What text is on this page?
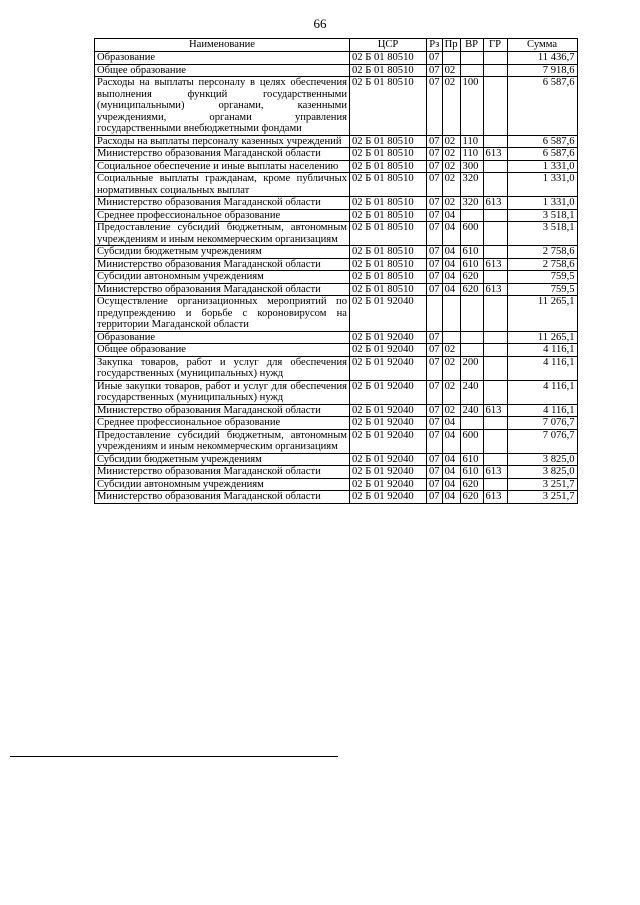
66
Наименование	ЦСР	Рз	Пр	ВР	ГР	Сумма
Образование	02 Б 01 80510	07				11 436,7
Общее образование	02 Б 01 80510	07	02			7 918,6
Расходы на выплаты персоналу в целях обеспечения выполнения функций государственными (муниципальными) органами, казенными учреждениями, органами управления государственными внебюджетными фондами	02 Б 01 80510	07	02	100		6 587,6
Расходы на выплаты персоналу казенных учреждений	02 Б 01 80510	07	02	110		6 587,6
Министерство образования Магаданской области	02 Б 01 80510	07	02	110	613	6 587,6
Социальное обеспечение и иные выплаты населению	02 Б 01 80510	07	02	300		1 331,0
Социальные выплаты гражданам, кроме публичных нормативных социальных выплат	02 Б 01 80510	07	02	320		1 331,0
Министерство образования Магаданской области	02 Б 01 80510	07	02	320	613	1 331,0
Среднее профессиональное образование	02 Б 01 80510	07	04			3 518,1
Предоставление субсидий бюджетным, автономным учреждениям и иным некоммерческим организациям	02 Б 01 80510	07	04	600		3 518,1
Субсидии бюджетным учреждениям	02 Б 01 80510	07	04	610		2 758,6
Министерство образования Магаданской области	02 Б 01 80510	07	04	610	613	2 758,6
Субсидии автономным учреждениям	02 Б 01 80510	07	04	620		759,5
Министерство образования Магаданской области	02 Б 01 80510	07	04	620	613	759,5
Осуществление организационных мероприятий по предупреждению и борьбе с короновирусом на территории Магаданской области	02 Б 01 92040					11 265,1
Образование	02 Б 01 92040	07				11 265,1
Общее образование	02 Б 01 92040	07	02			4 116,1
Закупка товаров, работ и услуг для обеспечения государственных (муниципальных) нужд	02 Б 01 92040	07	02	200		4 116,1
Иные закупки товаров, работ и услуг для обеспечения государственных (муниципальных) нужд	02 Б 01 92040	07	02	240		4 116,1
Министерство образования Магаданской области	02 Б 01 92040	07	02	240	613	4 116,1
Среднее профессиональное образование	02 Б 01 92040	07	04			7 076,7
Предоставление субсидий бюджетным, автономным учреждениям и иным некоммерческим организациям	02 Б 01 92040	07	04	600		7 076,7
Субсидии бюджетным учреждениям	02 Б 01 92040	07	04	610		3 825,0
Министерство образования Магаданской области	02 Б 01 92040	07	04	610	613	3 825,0
Субсидии автономным учреждениям	02 Б 01 92040	07	04	620		3 251,7
Министерство образования Магаданской области	02 Б 01 92040	07	04	620	613	3 251,7
